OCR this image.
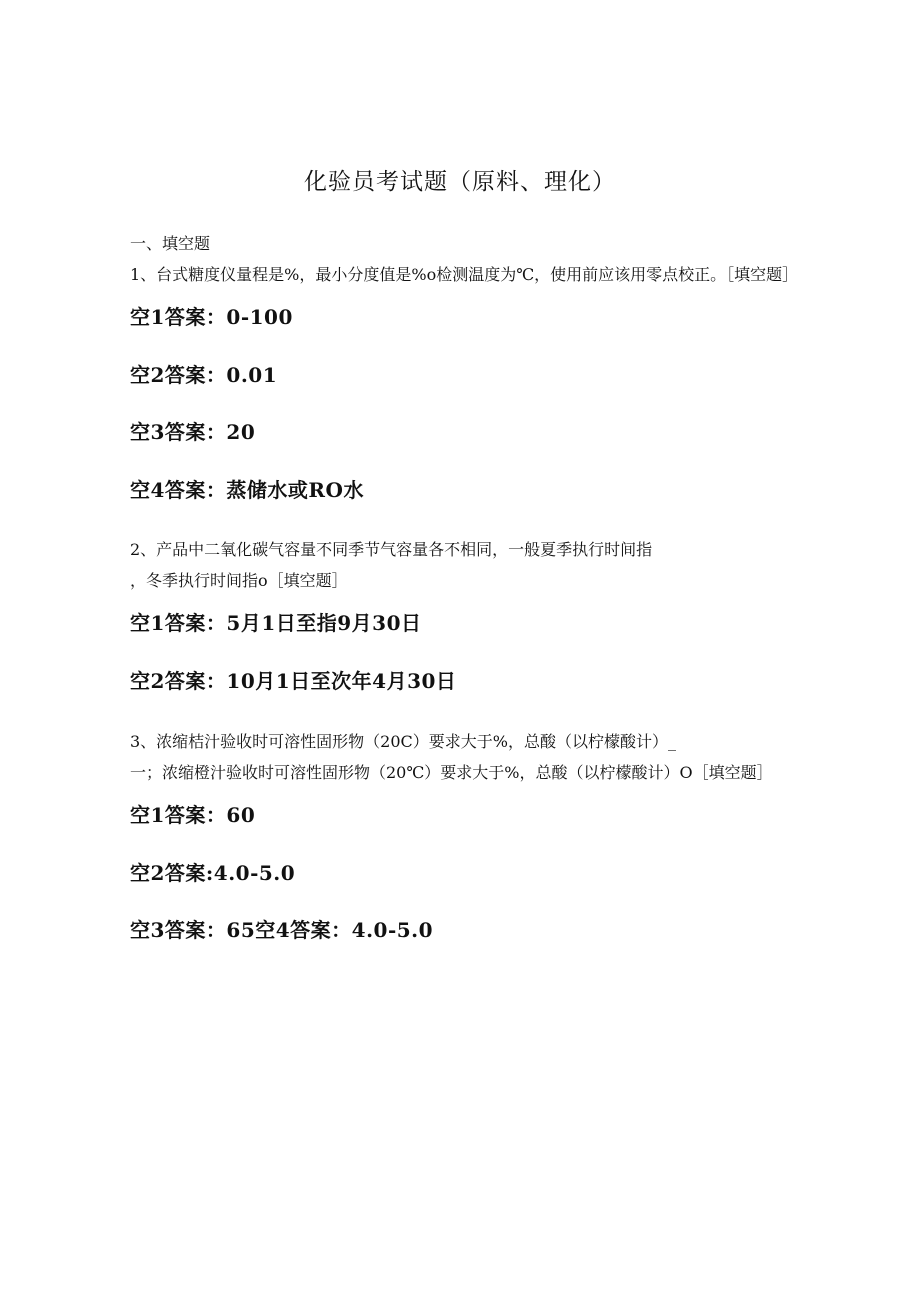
化验员考试题（原料、理化）
一、填空题
1、台式糖度仪量程是%，最小分度值是%o检测温度为℃，使用前应该用零点校正。［填空题］
空1答案：0-100
空2答案：0.01
空3答案：20
空4答案：蒸储水或RO水
2、产品中二氧化碳气容量不同季节气容量各不相同，一般夏季执行时间指
，冬季执行时间指o［填空题］
空1答案：5月1日至指9月30日
空2答案：10月1日至次年4月30日
3、浓缩桔汁验收时可溶性固形物（20C）要求大于%，总酸（以柠檬酸计）_
一；浓缩橙汁验收时可溶性固形物（20℃）要求大于%，总酸（以柠檬酸计）O［填空题］
空1答案：60
空2答案:4.0-5.0
空3答案：65空4答案：4.0-5.0
